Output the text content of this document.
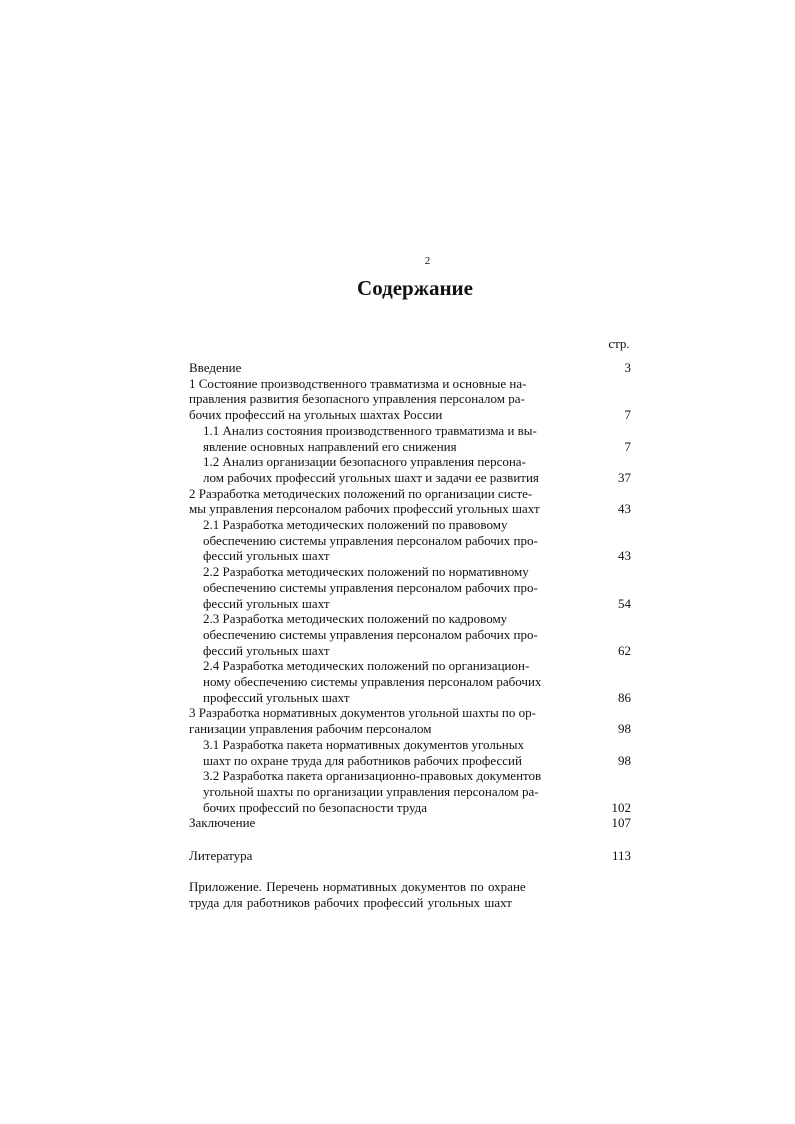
2
Содержание
стр.
Введение	3
1 Состояние производственного травматизма и основные на-
правления развития безопасного управления персоналом ра-
бочих профессий на угольных шахтах России	7
1.1 Анализ состояния производственного травматизма и вы-
явление основных направлений его снижения	7
1.2 Анализ организации безопасного управления персона-
лом рабочих профессий угольных шахт и задачи ее развития	37
2 Разработка методических положений по организации систе-
мы управления персоналом рабочих профессий угольных шахт	43
2.1 Разработка методических положений по правовому
обеспечению системы управления персоналом рабочих про-
фессий угольных шахт	43
2.2 Разработка методических положений по нормативному
обеспечению системы управления персоналом рабочих про-
фессий угольных шахт	54
2.3 Разработка методических положений по кадровому
обеспечению системы управления персоналом рабочих про-
фессий угольных шахт	62
2.4 Разработка методических положений по организацион-
ному обеспечению системы управления персоналом рабочих
профессий угольных шахт	86
3 Разработка нормативных документов угольной шахты по ор-
ганизации управления рабочим персоналом	98
3.1 Разработка пакета нормативных документов угольных
шахт по охране труда для работников рабочих профессий	98
3.2 Разработка пакета организационно-правовых документов
угольной шахты по организации управления персоналом ра-
бочих профессий по безопасности труда	102
Заключение	107
Литература	113
Приложение. Перечень нормативных документов по охране
труда для работников рабочих профессий угольных шахт
